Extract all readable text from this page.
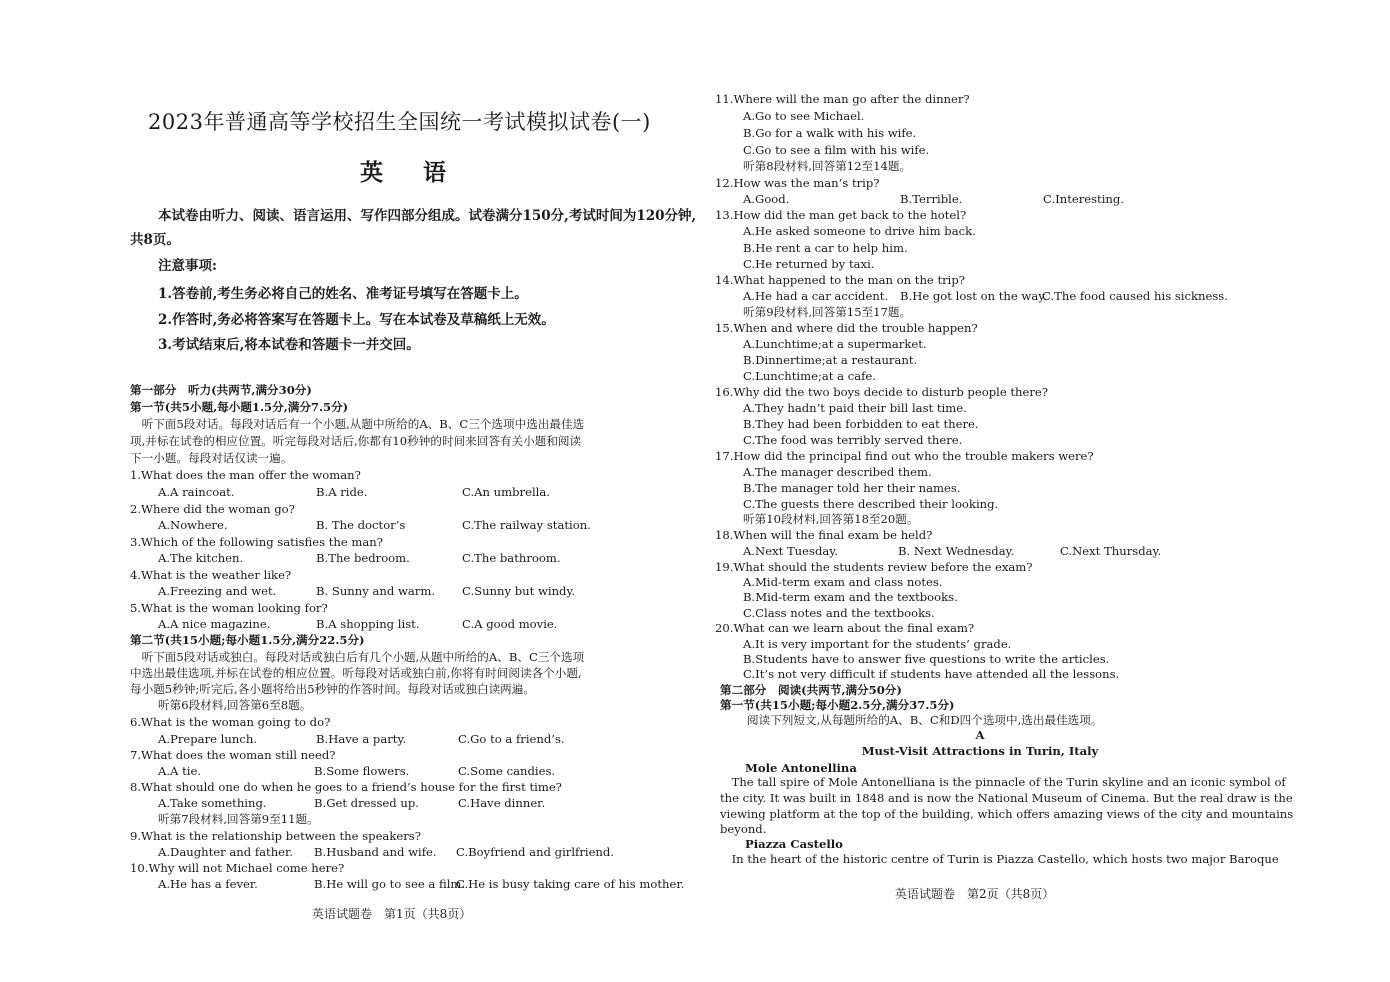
2023年普通高等学校招生全国统一考试模拟试卷(一)
英语
本试卷由听力、阅读、语言运用、写作四部分组成。试卷满分150分,考试时间为120分钟,
共8页。
注意事项:
1.答卷前,考生务必将自己的姓名、准考证号填写在答题卡上。
2.作答时,务必将答案写在答题卡上。写在本试卷及草稿纸上无效。
3.考试结束后,将本试卷和答题卡一并交回。
第一部分　听力(共两节,满分30分)
第一节(共5小题,每小题1.5分,满分7.5分)
　听下面5段对话。每段对话后有一个小题,从题中所给的A、B、C三个选项中选出最佳选
项,并标在试卷的相应位置。听完每段对话后,你都有10秒钟的时间来回答有关小题和阅读
下一小题。每段对话仅读一遍。
1.What does the man offer the woman?
A.A raincoat.	B.A ride.	C.An umbrella.
2.Where did the woman go?
A.Nowhere.	B. The doctor’s	C.The railway station.
3.Which of the following satisfies the man?
A.The kitchen.	B.The bedroom.	C.The bathroom.
4.What is the weather like?
A.Freezing and wet.	B. Sunny and warm. C.Sunny but windy.
5.What is the woman looking for?
A.A nice magazine.	B.A shopping list.	C.A good movie.
第二节(共15小题;每小题1.5分,满分22.5分)
　听下面5段对话或独白。每段对话或独白后有几个小题,从题中所给的A、B、C三个选项
中选出最佳选项,并标在试卷的相应位置。听每段对话或独白前,你将有时间阅读各个小题,
每小题5秒钟;听完后,各小题将给出5秒钟的作答时间。每段对话或独白读两遍。
听第6段材料,回答第6至8题。
6.What is the woman going to do?
A.Prepare lunch.	B.Have a party.	C.Go to a friend’s.
7.What does the woman still need?
A.A tie.	B.Some flowers.	C.Some candies.
8.What should one do when he goes to a friend’s house for the first time?
A.Take something.	B.Get dressed up.	C.Have dinner.
听第7段材料,回答第9至11题。
9.What is the relationship between the speakers?
A.Daughter and father. B.Husband and wife. C.Boyfriend and girlfriend.
10.Why will not Michael come here?
A.He has a fever.	B.He will go to see a film.
C.He is busy taking care of his mother.
英语试题卷　第1页（共8页）
11.Where will the man go after the dinner?
A.Go to see Michael.
B.Go for a walk with his wife.
C.Go to see a film with his wife.
听第8段材料,回答第12至14题。
12.How was the man’s trip?
A.Good.	B.Terrible.	C.Interesting.
13.How did the man get back to the hotel?
A.He asked someone to drive him back.
B.He rent a car to help him.
C.He returned by taxi.
14.What happened to the man on the trip?
A.He had a car accident. B.He got lost on the way.
C.The food caused his sickness.
听第9段材料,回答第15至17题。
15.When and where did the trouble happen?
A.Lunchtime;at a supermarket.
B.Dinnertime;at a restaurant.
C.Lunchtime;at a cafe.
16.Why did the two boys decide to disturb people there?
A.They hadn’t paid their bill last time.
B.They had been forbidden to eat there.
C.The food was terribly served there.
17.How did the principal find out who the trouble makers were?
A.The manager described them.
B.The manager told her their names.
C.The guests there described their looking.
听第10段材料,回答第18至20题。
18.When will the final exam be held?
A.Next Tuesday.	B. Next Wednesday.	C.Next Thursday.
19.What should the students review before the exam?
A.Mid-term exam and class notes.
B.Mid-term exam and the textbooks.
C.Class notes and the textbooks.
20.What can we learn about the final exam?
A.It is very important for the students’ grade.
B.Students have to answer five questions to write the articles.
C.It’s not very difficult if students have attended all the lessons.
第二部分　阅读(共两节,满分50分)
第一节(共15小题;每小题2.5分,满分37.5分)
阅读下列短文,从每题所给的A、B、C和D四个选项中,选出最佳选项。
A
Must-Visit Attractions in Turin, Italy
Mole Antonellina
　The tall spire of Mole Antonelliana is the pinnacle of the Turin skyline and an iconic symbol of
the city. It was built in 1848 and is now the National Museum of Cinema. But the real draw is the
viewing platform at the top of the building, which offers amazing views of the city and mountains
beyond.
Piazza Castello
　In the heart of the historic centre of Turin is Piazza Castello, which hosts two major Baroque
英语试题卷　第2页（共8页）
